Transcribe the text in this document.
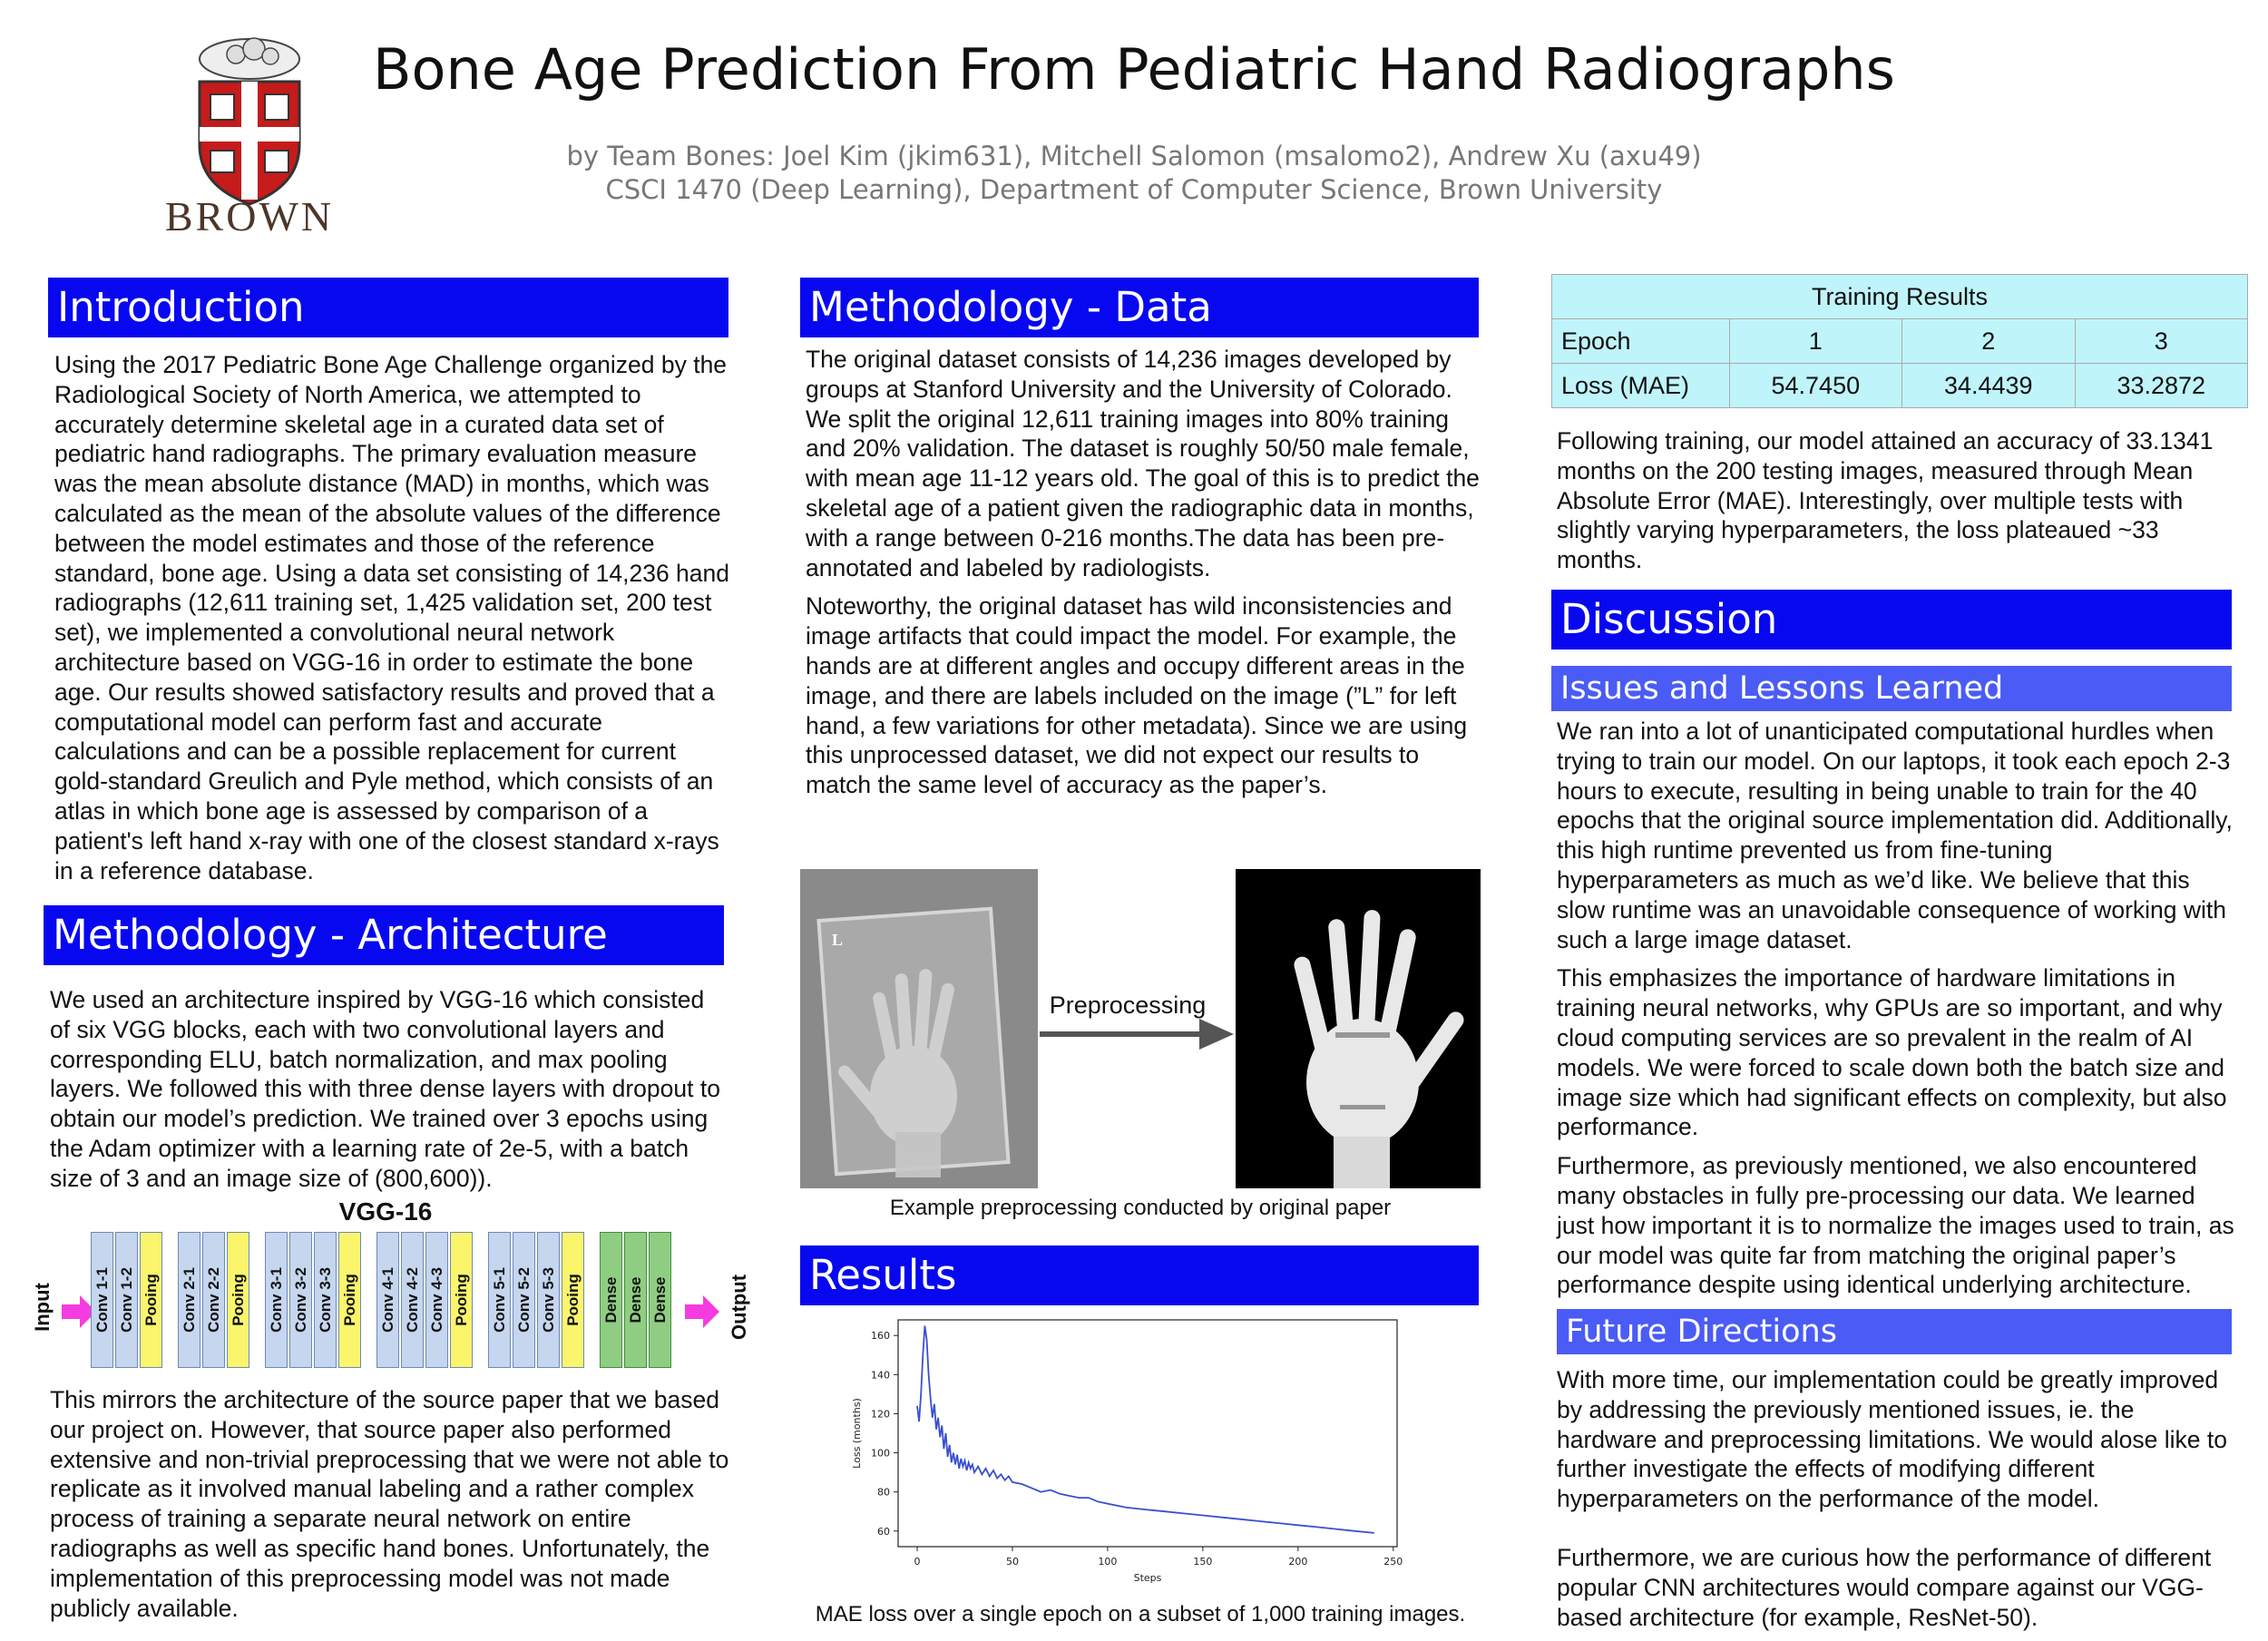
BROWN
Bone Age Prediction From Pediatric Hand Radiographs
by Team Bones: Joel Kim (jkim631), Mitchell Salomon (msalomo2), Andrew Xu (axu49)
CSCI 1470 (Deep Learning), Department of Computer Science, Brown University
Introduction

Using the 2017 Pediatric Bone Age Challenge organized by the Radiological Society of North America, we attempted to accurately determine skeletal age in a curated data set of pediatric hand radiographs. The primary evaluation measure was the mean absolute distance (MAD) in months, which was calculated as the mean of the absolute values of the difference between the model estimates and those of the reference standard, bone age. Using a data set consisting of 14,236 hand radiographs (12,611 training set, 1,425 validation set, 200 test set), we implemented a convolutional neural network architecture based on VGG-16 in order to estimate the bone age. Our results showed satisfactory results and proved that a computational model can perform fast and accurate calculations and can be a possible replacement for current gold-standard Greulich and Pyle method, which consists of an atlas in which bone age is assessed by comparison of a patient's left hand x-ray with one of the closest standard x-rays in a reference database.

Methodology - Architecture

We used an architecture inspired by VGG-16 which consisted of six VGG blocks, each with two convolutional layers and corresponding ELU, batch normalization, and max pooling layers. We followed this with three dense layers with dropout to obtain our model’s prediction. We trained over 3 epochs using the Adam optimizer with a learning rate of 2e-5, with a batch size of 3 and an image size of (800,600)).

VGG-16
Input	Conv 1-1 Conv 1-2 Pooing Conv 2-1 Conv 2-2 Pooing Conv 3-1 Conv 3-2 Conv 3-3 Pooing Conv 4-1 Conv 4-2 Conv 4-3 Pooing Conv 5-1 Conv 5-2 Conv 5-3 Pooing Dense Dense Dense	Output

This mirrors the architecture of the source paper that we based our project on. However, that source paper also performed extensive and non-trivial preprocessing that we were not able to replicate as it involved manual labeling and a rather complex process of training a separate neural network on entire radiographs as well as specific hand bones. Unfortunately, the implementation of this preprocessing model was not made publicly available.

Methodology - Data

The original dataset consists of 14,236 images developed by groups at Stanford University and the University of Colorado. We split the original 12,611 training images into 80% training and 20% validation. The dataset is roughly 50/50 male female, with mean age 11-12 years old. The goal of this is to predict the skeletal age of a patient given the radiographic data in months, with a range between 0-216 months.The data has been pre-annotated and labeled by radiologists.

Noteworthy, the original dataset has wild inconsistencies and image artifacts that could impact the model. For example, the hands are at different angles and occupy different areas in the image, and there are labels included on the image (”L” for left hand, a few variations for other metadata). Since we are using this unprocessed dataset, we did not expect our results to match the same level of accuracy as the paper’s.

L
Preprocessing
Example preprocessing conducted by original paper
Results
0	50	100	150	200	250
60
80
100
120
140
160
Steps
Loss (months)
MAE loss over a single epoch on a subset of 1,000 training images.
Training Results			
Epoch	1	2	3
Loss (MAE)	54.7450	34.4439	33.2872

Following training, our model attained an accuracy of 33.1341 months on the 200 testing images, measured through Mean Absolute Error (MAE). Interestingly, over multiple tests with slightly varying hyperparameters, the loss plateaued ~33 months.

Discussion
Issues and Lessons Learned

We ran into a lot of unanticipated computational hurdles when trying to train our model. On our laptops, it took each epoch 2-3 hours to execute, resulting in being unable to train for the 40 epochs that the original source implementation did. Additionally, this high runtime prevented us from fine-tuning hyperparameters as much as we’d like. We believe that this slow runtime was an unavoidable consequence of working with such a large image dataset.

This emphasizes the importance of hardware limitations in training neural networks, why GPUs are so important, and why cloud computing services are so prevalent in the realm of AI models. We were forced to scale down both the batch size and image size which had significant effects on complexity, but also performance.

Furthermore, as previously mentioned, we also encountered many obstacles in fully pre-processing our data. We learned just how important it is to normalize the images used to train, as our model was quite far from matching the original paper’s performance despite using identical underlying architecture.

Future Directions

With more time, our implementation could be greatly improved by addressing the previously mentioned issues, ie. the hardware and preprocessing limitations. We would alose like to further investigate the effects of modifying different hyperparameters on the performance of the model.

Furthermore, we are curious how the performance of different popular CNN architectures would compare against our VGG-based architecture (for example, ResNet-50).
